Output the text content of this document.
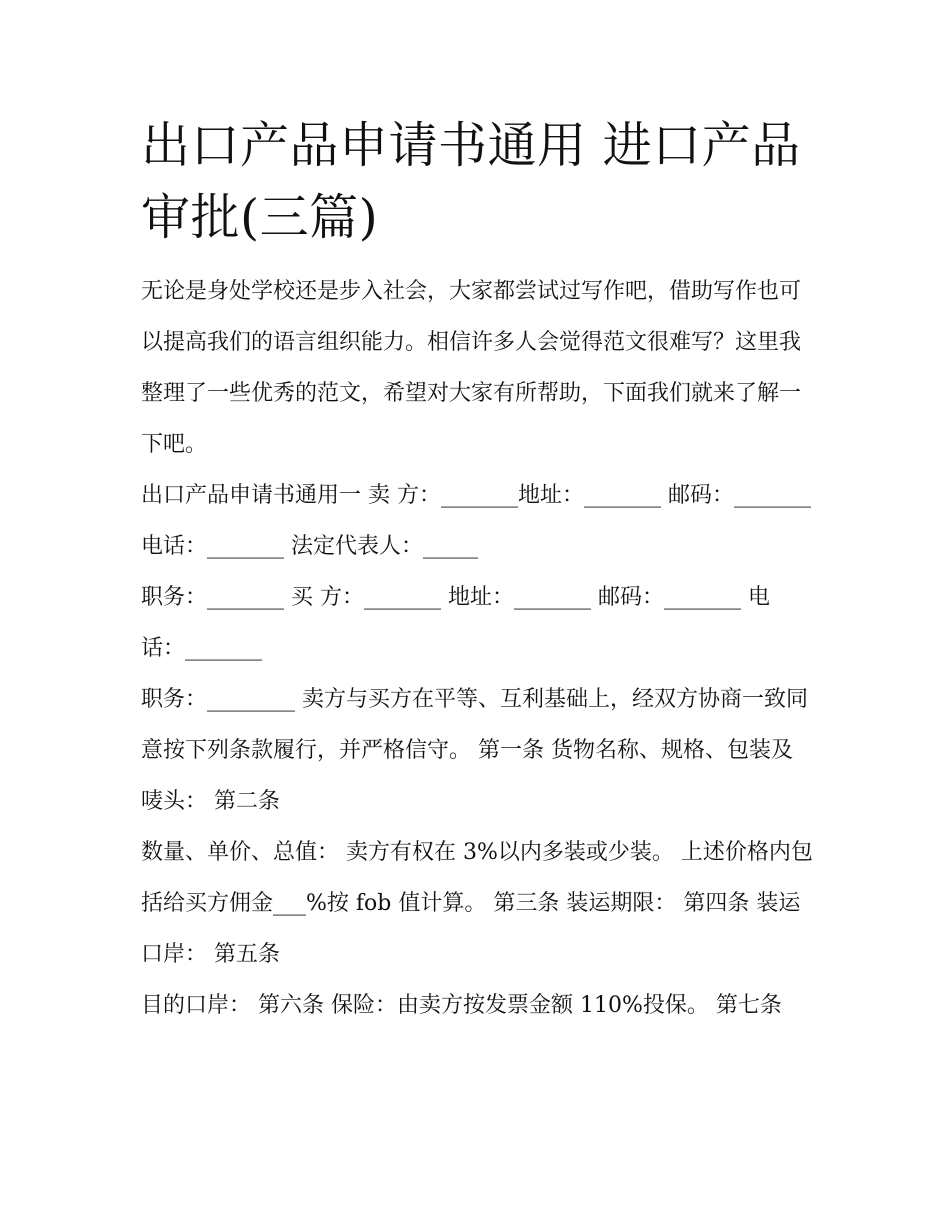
出口产品申请书通用 进口产品
审批(三篇)

无论是身处学校还是步入社会，大家都尝试过写作吧，借助写作也可以提高我们的语言组织能力。相信许多人会觉得范文很难写？这里我整理了一些优秀的范文，希望对大家有所帮助，下面我们就来了解一下吧。

出口产品申请书通用一 卖 方：_______地址：_______ 邮码：_______ 电话：_______ 法定代表人：_____

职务：_______ 买 方：_______ 地址：_______ 邮码：_______ 电话：_______

职务：________ 卖方与买方在平等、互利基础上，经双方协商一致同意按下列条款履行，并严格信守。 第一条 货物名称、规格、包装及唛头： 第二条

数量、单价、总值： 卖方有权在 3%以内多装或少装。 上述价格内包括给买方佣金___%按 fob 值计算。 第三条 装运期限： 第四条 装运口岸： 第五条

目的口岸： 第六条 保险：由卖方按发票金额 110%投保。 第七条
